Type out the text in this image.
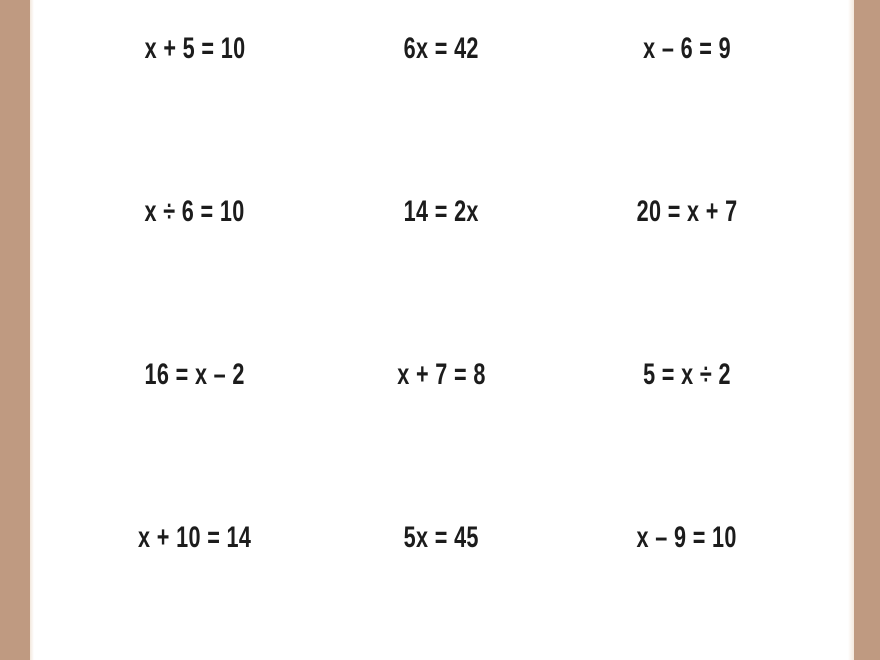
x + 5 = 10	6x = 42	x – 6 = 9
x ÷ 6 = 10	14 = 2x	20 = x + 7
16 = x – 2	x + 7 = 8	5 = x ÷ 2
x + 10 = 14	5x = 45	x – 9 = 10
